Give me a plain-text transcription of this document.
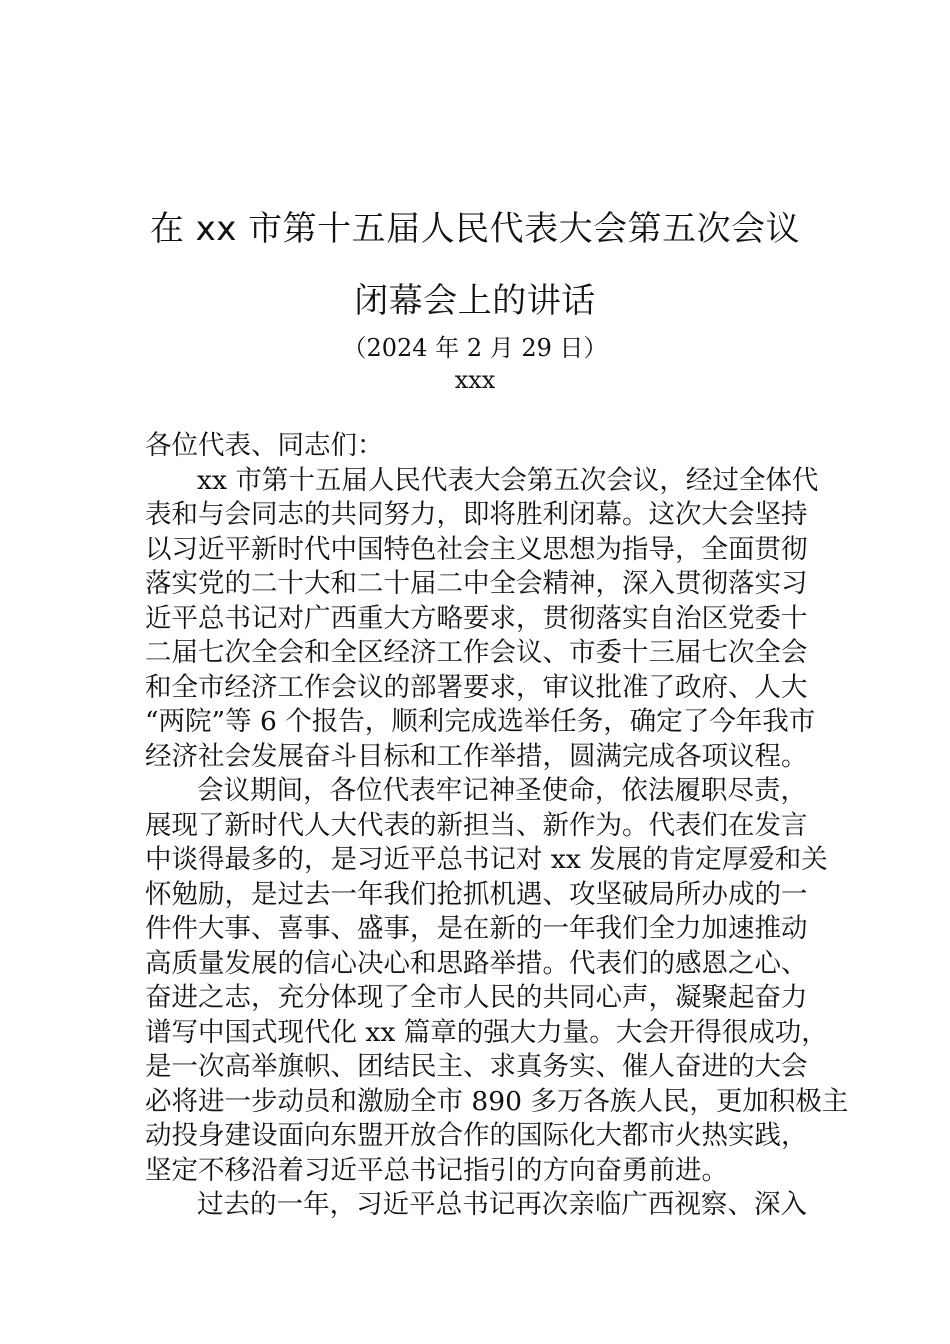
在 xx 市第十五届人民代表大会第五次会议
闭幕会上的讲话
（2024 年 2 月 29 日）
xxx
各位代表、同志们：
xx 市第十五届人民代表大会第五次会议，经过全体代
表和与会同志的共同努力，即将胜利闭幕。这次大会坚持
以习近平新时代中国特色社会主义思想为指导，全面贯彻
落实党的二十大和二十届二中全会精神，深入贯彻落实习
近平总书记对广西重大方略要求，贯彻落实自治区党委十
二届七次全会和全区经济工作会议、市委十三届七次全会
和全市经济工作会议的部署要求，审议批准了政府、人大
“两院”等 6 个报告，顺利完成选举任务，确定了今年我市
经济社会发展奋斗目标和工作举措，圆满完成各项议程。
会议期间，各位代表牢记神圣使命，依法履职尽责，
展现了新时代人大代表的新担当、新作为。代表们在发言
中谈得最多的，是习近平总书记对 xx 发展的肯定厚爱和关
怀勉励，是过去一年我们抢抓机遇、攻坚破局所办成的一
件件大事、喜事、盛事，是在新的一年我们全力加速推动
高质量发展的信心决心和思路举措。代表们的感恩之心、
奋进之志，充分体现了全市人民的共同心声，凝聚起奋力
谱写中国式现代化 xx 篇章的强大力量。大会开得很成功，
是一次高举旗帜、团结民主、求真务实、催人奋进的大会
必将进一步动员和激励全市 890 多万各族人民，更加积极主
动投身建设面向东盟开放合作的国际化大都市火热实践，
坚定不移沿着习近平总书记指引的方向奋勇前进。
过去的一年，习近平总书记再次亲临广西视察、深入
